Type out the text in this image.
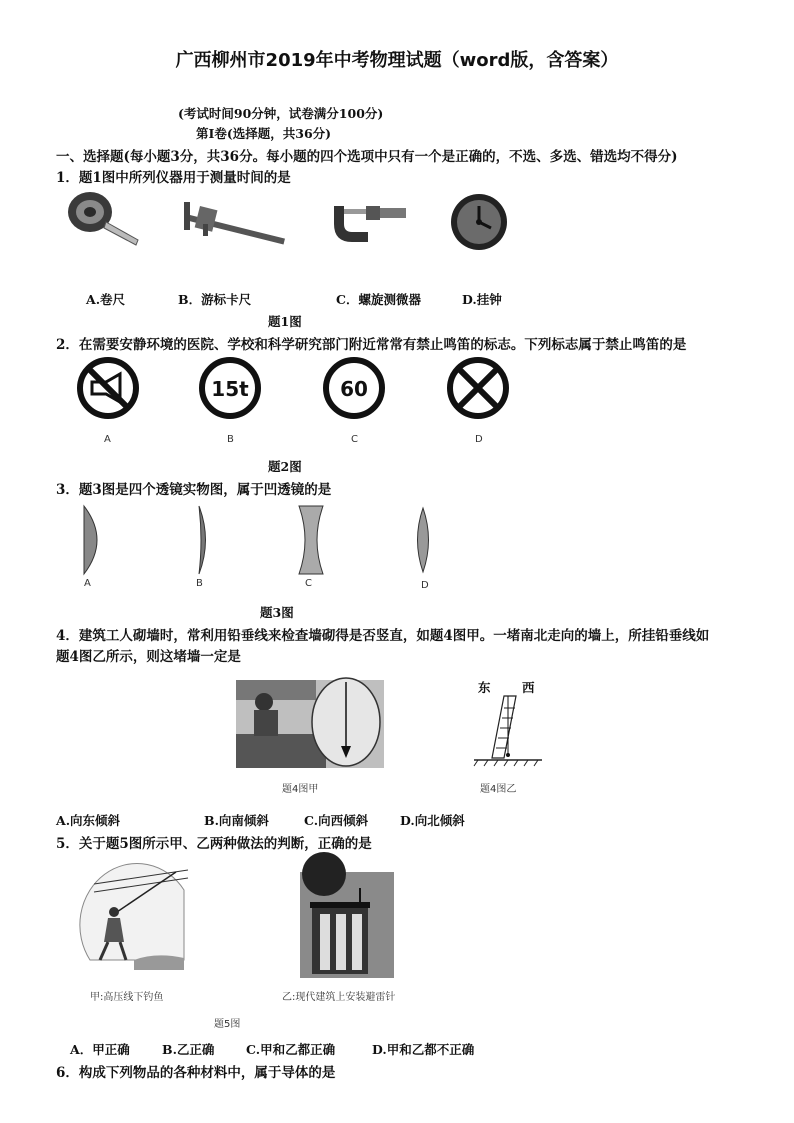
广西柳州市2019年中考物理试题（word版，含答案）
(考试时间90分钟，试卷满分100分)
第Ⅰ卷(选择题，共36分)
一、选择题(每小题3分，共36分。每小题的四个选项中只有一个是正确的，不选、多选、错选均不得分)
1．题1图中所列仪器用于测量时间的是
A.卷尺	B．游标卡尺	C．螺旋测微器	D.挂钟
题1图
2．在需要安静环境的医院、学校和科学研究部门附近常常有禁止鸣笛的标志。下列标志属于禁止鸣笛的是
15t	60
A	B	C	D
题2图
3．题3图是四个透镜实物图，属于凹透镜的是
A	B	C	D
题3图
4．建筑工人砌墙时，常利用铅垂线来检查墙砌得是否竖直，如题4图甲。一堵南北走向的墙上，所挂铅垂线如
题4图乙所示，则这堵墙一定是
题4图甲
东	西
题4图乙
A.向东倾斜	B.向南倾斜	C.向西倾斜	D.向北倾斜
5．关于题5图所示甲、乙两种做法的判断，正确的是
甲:高压线下钓鱼	乙:现代建筑上安装避雷针
题5图
A．甲正确	B.乙正确	C.甲和乙都正确	D.甲和乙都不正确
6．构成下列物品的各种材料中，属于导体的是
